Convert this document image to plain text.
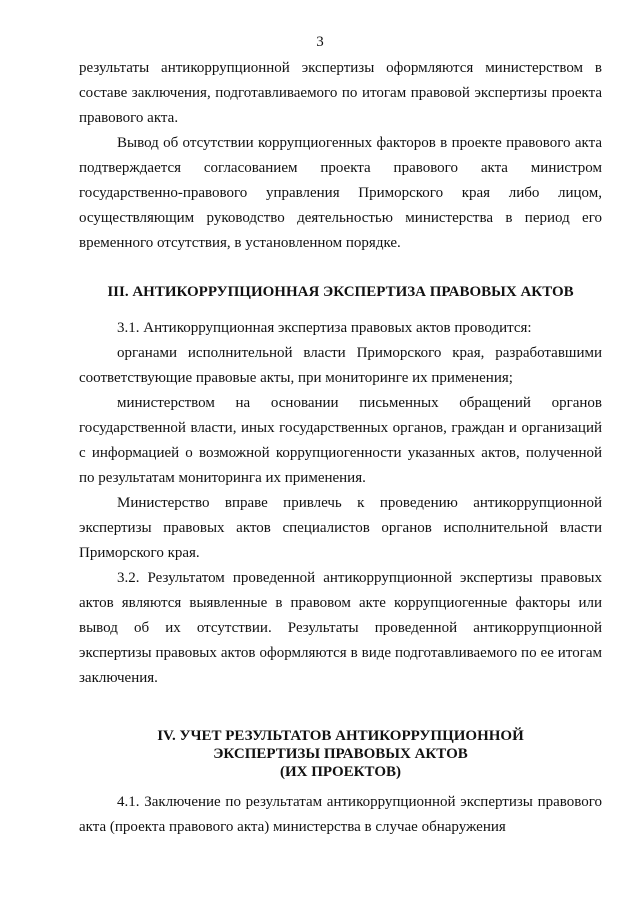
3

результаты антикоррупционной экспертизы оформляются министерством в составе заключения, подготавливаемого по итогам правовой экспертизы проекта правового акта.

Вывод об отсутствии коррупциогенных факторов в проекте правового акта подтверждается согласованием проекта правового акта министром государственно-правового управления Приморского края либо лицом, осуществляющим руководство деятельностью министерства в период его временного отсутствия, в установленном порядке.

III. АНТИКОРРУПЦИОННАЯ ЭКСПЕРТИЗА ПРАВОВЫХ АКТОВ

3.1. Антикоррупционная экспертиза правовых актов проводится:

органами исполнительной власти Приморского края, разработавшими соответствующие правовые акты, при мониторинге их применения;

министерством на основании письменных обращений органов государственной власти, иных государственных органов, граждан и организаций с информацией о возможной коррупциогенности указанных актов, полученной по результатам мониторинга их применения.

Министерство вправе привлечь к проведению антикоррупционной экспертизы правовых актов специалистов органов исполнительной власти Приморского края.

3.2. Результатом проведенной антикоррупционной экспертизы правовых актов являются выявленные в правовом акте коррупциогенные факторы или вывод об их отсутствии. Результаты проведенной антикоррупционной экспертизы правовых актов оформляются в виде подготавливаемого по ее итогам заключения.

IV. УЧЕТ РЕЗУЛЬТАТОВ АНТИКОРРУПЦИОННОЙ
ЭКСПЕРТИЗЫ ПРАВОВЫХ АКТОВ
(ИХ ПРОЕКТОВ)

4.1. Заключение по результатам антикоррупционной экспертизы правового акта (проекта правового акта) министерства в случае обнаружения
